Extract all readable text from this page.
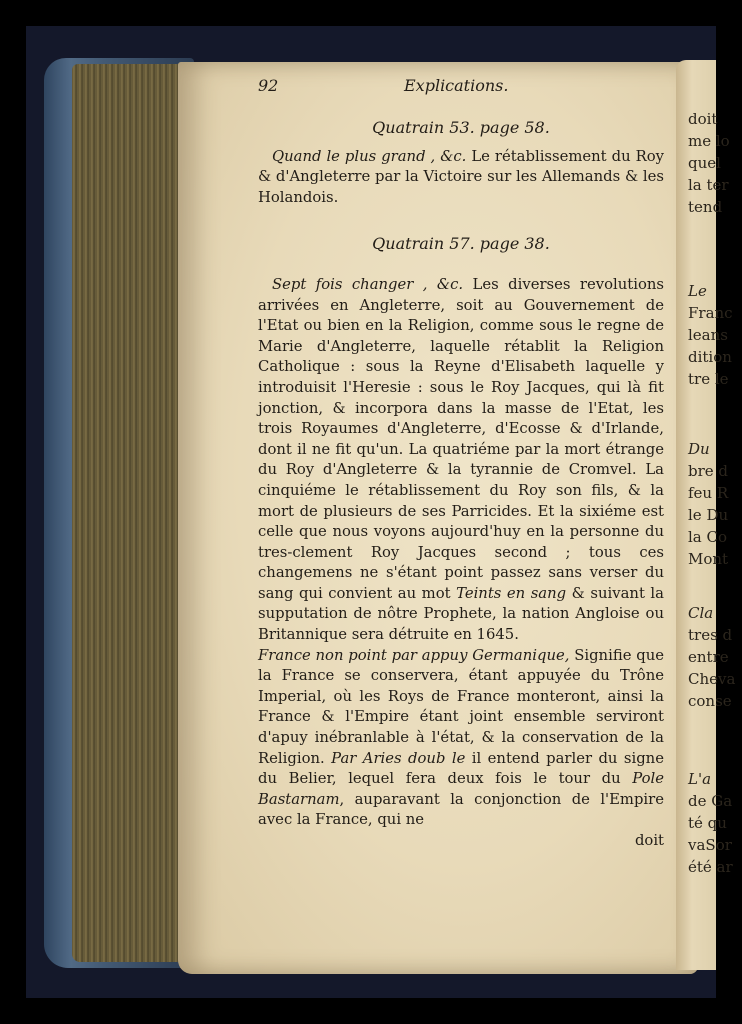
doit
me lo
quel
la ter
tend
Le
Franc
leans
dition
tre le
Du
bre d
feu R
le Du
la Co
Mont
Cla
tres d
entre
Cheva
conse
L'a
de Ga
té qu
vaSor
été ar
92	Explications.

Quatrain 53. page 58.

Quand le plus grand , &c. Le rétablissement du Roy & d'Angleterre par la Victoire sur les Allemands & les Holandois.

Quatrain 57. page 38.

Sept fois changer , &c. Les diverses revolutions arrivées en Angleterre, soit au Gouvernement de l'Etat ou bien en la Religion, comme sous le regne de Marie d'Angleterre, laquelle rétablit la Religion Catholique : sous la Reyne d'Elisabeth laquelle y introduisit l'Heresie : sous le Roy Jacques, qui là fit jonction, & incorpora dans la masse de l'Etat, les trois Royaumes d'Angleterre, d'Ecosse & d'Irlande, dont il ne fit qu'un. La quatriéme par la mort étrange du Roy d'Angleterre & la tyrannie de Cromvel. La cinquiéme le rétablissement du Roy son fils, & la mort de plusieurs de ses Parricides. Et la sixiéme est celle que nous voyons aujourd'huy en la personne du tres-clement Roy Jacques second ; tous ces changemens ne s'étant point passez sans verser du sang qui convient au mot Teints en sang & suivant la supputation de nôtre Prophete, la nation Angloise ou Britannique sera détruite en 1645.

France non point par appuy Germanique, Signifie que la France se conservera, étant appuyée du Trône Imperial, où les Roys de France monteront, ainsi la France & l'Empire étant joint ensemble serviront d'apuy inébranlable à l'état, & la conservation de la Religion. Par Aries doub le il entend parler du signe du Belier, lequel fera deux fois le tour du Pole Bastarnam, auparavant la conjonction de l'Empire avec la France, qui ne

doit
